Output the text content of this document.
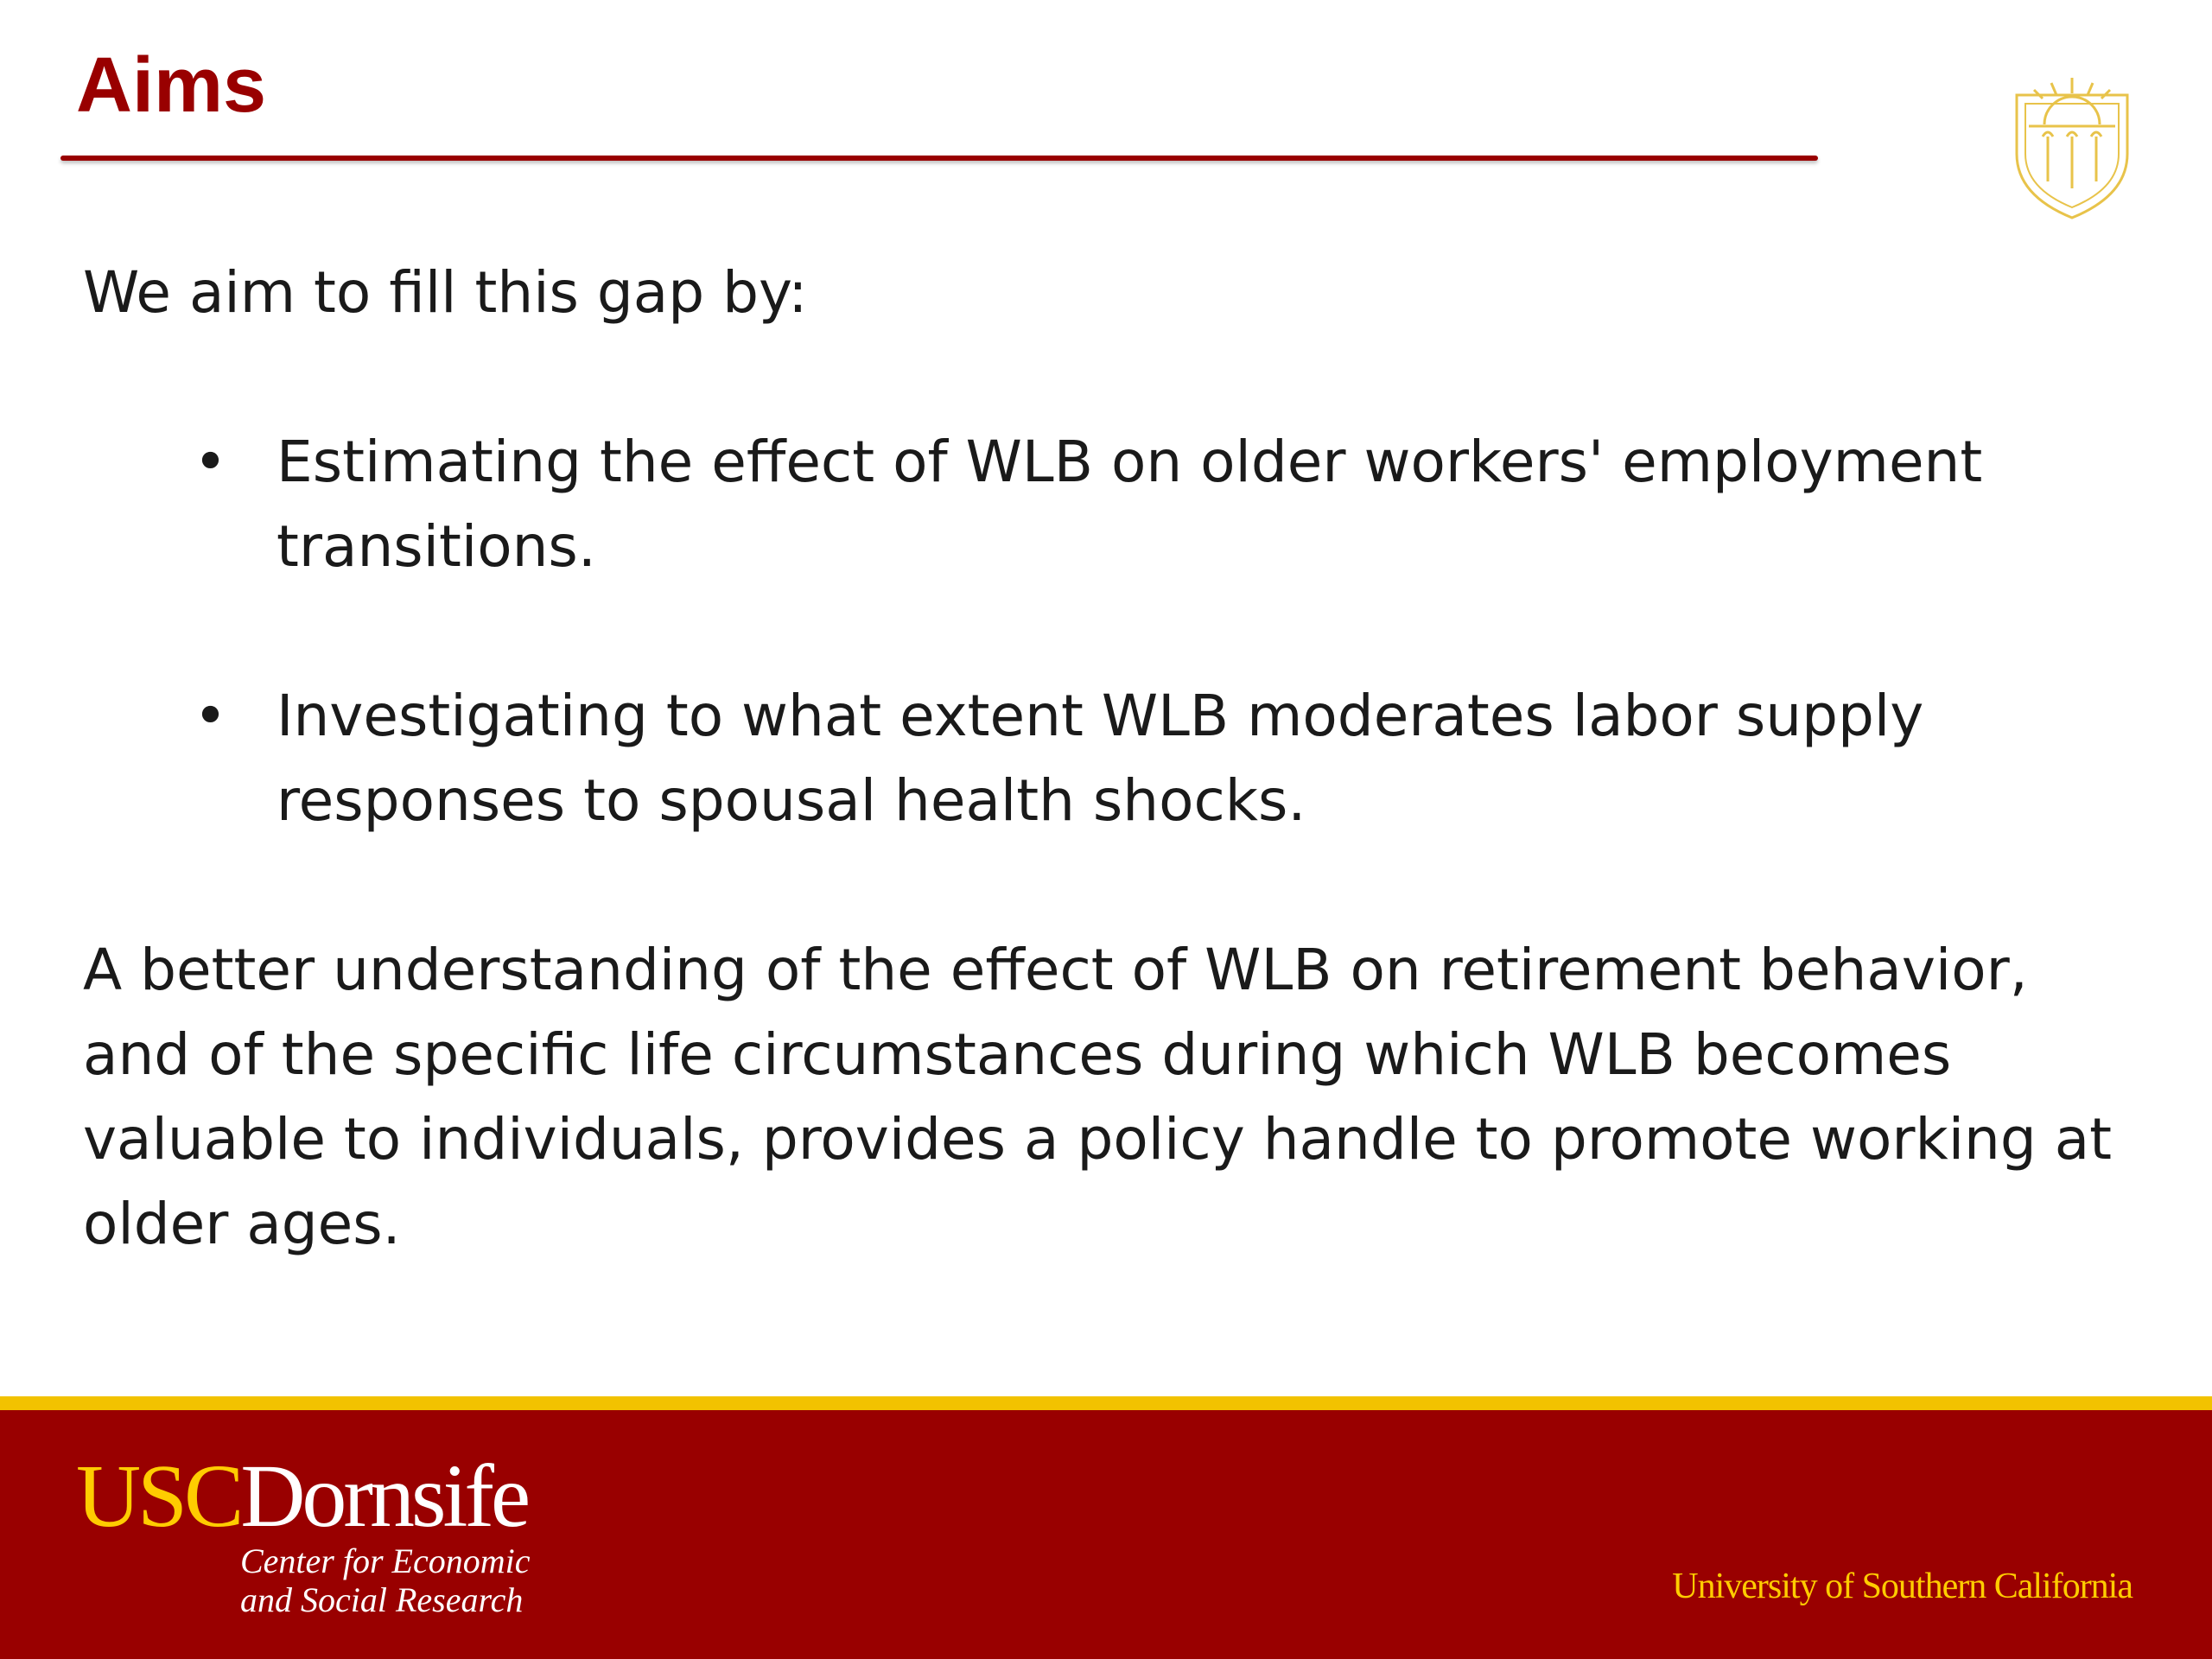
Aims

We aim to fill this gap by:

• Estimating the effect of WLB on older workers' employment transitions.
• Investigating to what extent WLB moderates labor supply responses to spousal health shocks.

A better understanding of the effect of WLB on retirement behavior, and of the specific life circumstances during which WLB becomes valuable to individuals, provides a policy handle to promote working at older ages.

USCDornsife
Center for Economic
and Social Research	University of Southern California
